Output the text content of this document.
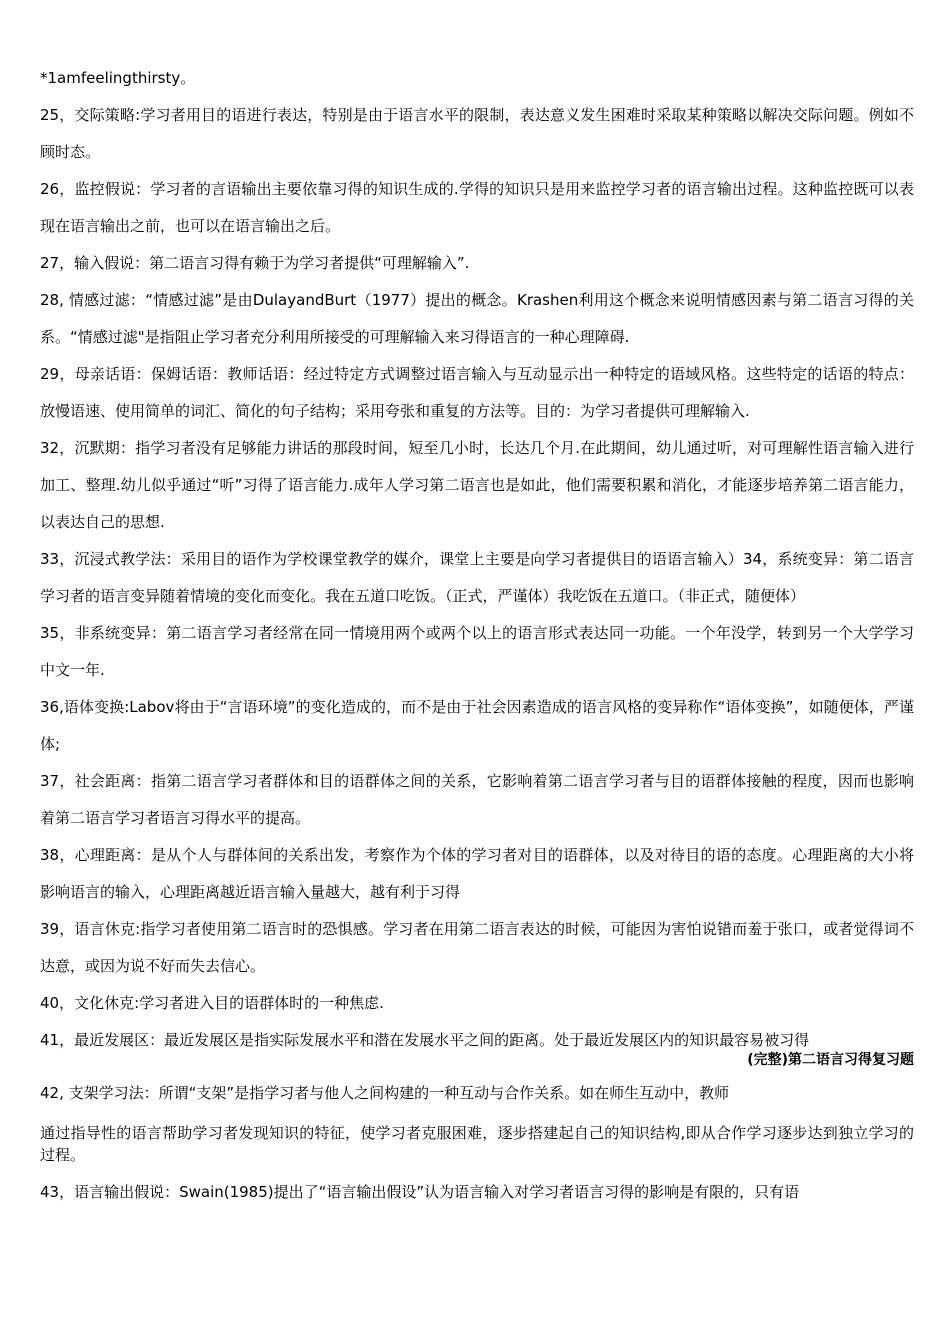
*1amfeelingthirsty。

25，交际策略:学习者用目的语进行表达，特别是由于语言水平的限制，表达意义发生困难时采取某种策略以解决交际问题。例如不顾时态。

26，监控假说：学习者的言语输出主要依靠习得的知识生成的.学得的知识只是用来监控学习者的语言输出过程。这种监控既可以表现在语言输出之前，也可以在语言输出之后。

27，输入假说：第二语言习得有赖于为学习者提供“可理解输入”.

28, 情感过滤：“情感过滤”是由DulayandBurt（1977）提出的概念。Krashen利用这个概念来说明情感因素与第二语言习得的关系。“情感过滤"是指阻止学习者充分利用所接受的可理解输入来习得语言的一种心理障碍.

29，母亲话语：保姆话语：教师话语：经过特定方式调整过语言输入与互动显示出一种特定的语域风格。这些特定的话语的特点：放慢语速、使用简单的词汇、简化的句子结构；采用夸张和重复的方法等。目的：为学习者提供可理解输入.

32，沉默期：指学习者没有足够能力讲话的那段时间，短至几小时，长达几个月.在此期间，幼儿通过听，对可理解性语言输入进行加工、整理.幼儿似乎通过“听”习得了语言能力.成年人学习第二语言也是如此，他们需要积累和消化，才能逐步培养第二语言能力，以表达自己的思想.

33，沉浸式教学法：采用目的语作为学校课堂教学的媒介，课堂上主要是向学习者提供目的语语言输入）34，系统变异：第二语言学习者的语言变异随着情境的变化而变化。我在五道口吃饭。（正式，严谨体）我吃饭在五道口。（非正式，随便体）

35，非系统变异：第二语言学习者经常在同一情境用两个或两个以上的语言形式表达同一功能。一个年没学，转到另一个大学学习中文一年.

36,语体变换:Labov将由于“言语环境”的变化造成的，而不是由于社会因素造成的语言风格的变异称作“语体变换”，如随便体，严谨体;

37，社会距离：指第二语言学习者群体和目的语群体之间的关系，它影响着第二语言学习者与目的语群体接触的程度，因而也影响着第二语言学习者语言习得水平的提高。

38，心理距离：是从个人与群体间的关系出发，考察作为个体的学习者对目的语群体，以及对待目的语的态度。心理距离的大小将影响语言的输入，心理距离越近语言输入量越大，越有利于习得

39，语言休克:指学习者使用第二语言时的恐惧感。学习者在用第二语言表达的时候，可能因为害怕说错而羞于张口，或者觉得词不达意，或因为说不好而失去信心。

40，文化休克:学习者进入目的语群体时的一种焦虑.

41，最近发展区：最近发展区是指实际发展水平和潜在发展水平之间的距离。处于最近发展区内的知识最容易被习得

(完整)第二语言习得复习题

42, 支架学习法：所谓“支架”是指学习者与他人之间构建的一种互动与合作关系。如在师生互动中，教师

通过指导性的语言帮助学习者发现知识的特征，使学习者克服困难，逐步搭建起自己的知识结构,即从合作学习逐步达到独立学习的过程。

43，语言输出假说：Swain(1985)提出了“语言输出假设”认为语言输入对学习者语言习得的影响是有限的，只有语
